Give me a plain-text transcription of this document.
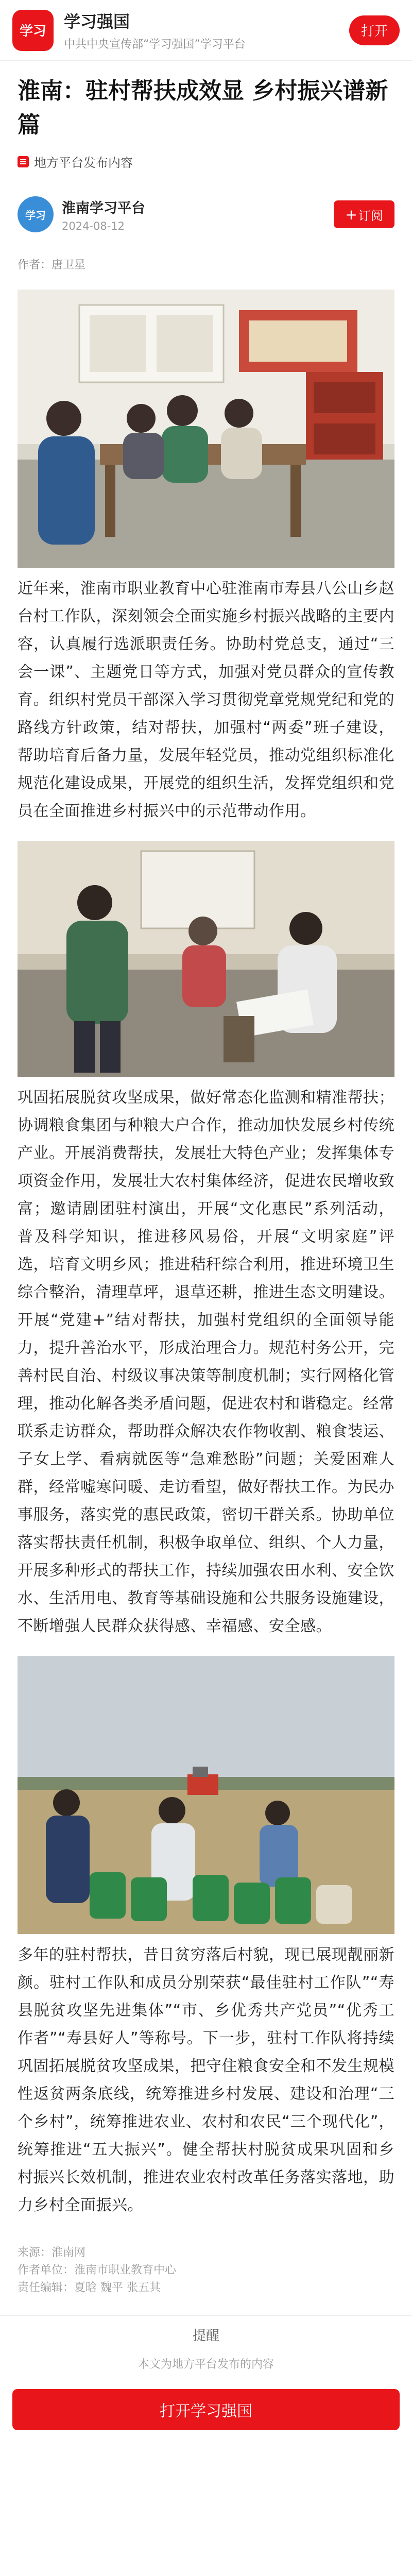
学习	学习强国
中共中央宣传部“学习强国”学习平台
打开
淮南：驻村帮扶成效显 乡村振兴谱新篇
地方平台发布内容
学习	淮南学习平台
2024-08-12
+ 订阅
作者：唐卫星

近年来，淮南市职业教育中心驻淮南市寿县八公山乡赵台村工作队，深刻领会全面实施乡村振兴战略的主要内容，认真履行选派职责任务。协助村党总支，通过“三会一课”、主题党日等方式，加强对党员群众的宣传教育。组织村党员干部深入学习贯彻党章党规党纪和党的路线方针政策，结对帮扶，加强村“两委”班子建设，帮助培育后备力量，发展年轻党员，推动党组织标准化规范化建设成果，开展党的组织生活，发挥党组织和党员在全面推进乡村振兴中的示范带动作用。

巩固拓展脱贫攻坚成果，做好常态化监测和精准帮扶；协调粮食集团与种粮大户合作，推动加快发展乡村传统产业。开展消费帮扶，发展壮大特色产业；发挥集体专项资金作用，发展壮大农村集体经济，促进农民增收致富；邀请剧团驻村演出，开展“文化惠民”系列活动，普及科学知识，推进移风易俗，开展“文明家庭”评选，培育文明乡风；推进秸秆综合利用，推进环境卫生综合整治，清理草坪，退草还耕，推进生态文明建设。开展“党建+”结对帮扶，加强村党组织的全面领导能力，提升善治水平，形成治理合力。规范村务公开，完善村民自治、村级议事决策等制度机制；实行网格化管理，推动化解各类矛盾问题，促进农村和谐稳定。经常联系走访群众，帮助群众解决农作物收割、粮食装运、子女上学、看病就医等“急难愁盼”问题；关爱困难人群，经常嘘寒问暖、走访看望，做好帮扶工作。为民办事服务，落实党的惠民政策，密切干群关系。协助单位落实帮扶责任机制，积极争取单位、组织、个人力量，开展多种形式的帮扶工作，持续加强农田水利、安全饮水、生活用电、教育等基础设施和公共服务设施建设，不断增强人民群众获得感、幸福感、安全感。

多年的驻村帮扶，昔日贫穷落后村貌，现已展现靓丽新颜。驻村工作队和成员分别荣获“最佳驻村工作队”“寿县脱贫攻坚先进集体”“市、乡优秀共产党员”“优秀工作者”“寿县好人”等称号。下一步，驻村工作队将持续巩固拓展脱贫攻坚成果，把守住粮食安全和不发生规模性返贫两条底线，统筹推进乡村发展、建设和治理“三个乡村”，统筹推进农业、农村和农民“三个现代化”，统筹推进“五大振兴”。健全帮扶村脱贫成果巩固和乡村振兴长效机制，推进农业农村改革任务落实落地，助力乡村全面振兴。

来源：淮南网
作者单位：淮南市职业教育中心
责任编辑：夏晗 魏平 张五其
提醒
本文为地方平台发布的内容
打开学习强国
